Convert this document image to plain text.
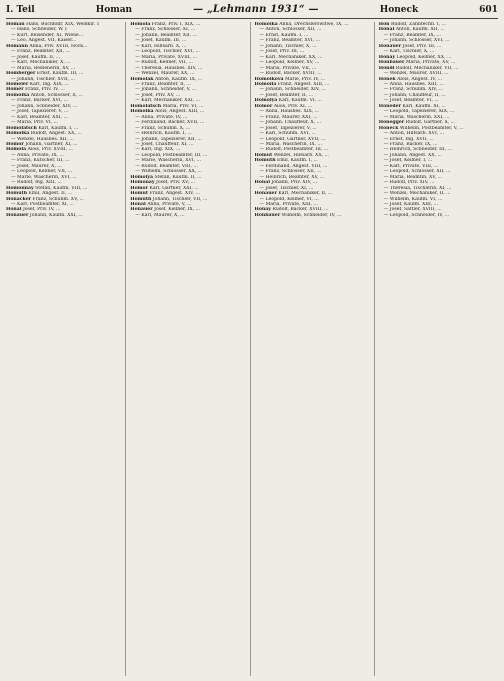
I. Teil	Homan	— „Lehmann 1931“ —	Honeck	601
Homan Hans, Buchhdlr, XIX, Weißkir. 1
— Hans, Schneider, W. I
— Kurt, Reisender, XI, Wiene...
— Leo, Angest. VII, Kaiser...
Homann Anna, Priv. XVIII, Hock...
— Franz, Beamter, XII, ...
— Josef, Kaufm. II, ...
— Karl, Mechaniker, X, ...
— Maria, Bedienerin, XV, ...
Homberger Ernst, Kaufm. III, ...
— Johann, Tischler, XVII, ...
Homeier Karl, Ing. XIX, ...
Homer Franz, Priv. IV, ...
Homolka Anton, Schlosser, X, ...
— Franz, Bäcker, XVI, ...
— Johann, Schneider, XIV, ...
— Josef, Tapezierer, V, ...
— Karl, Beamter, XXI, ...
— Maria, Priv. VI, ...
Homolatsch Karl, Kaufm. I, ...
Homolka Rudolf, Angest. XX, ...
— Wenzel, Hausbes. XII, ...
Homor Johann, Gärtner, XI, ...
Homola Alois, Priv. XVIII, ...
— Anna, Private, IX, ...
— Franz, Kutscher, III, ...
— Josef, Maurer, X, ...
— Leopold, Kellner, VII, ...
— Marie, Wäscherin, XVI, ...
— Rudolf, Ing. XIII, ...
Homonnay Stefan, Kaufm. VIII, ...
Homuth Emil, Angest. II, ...
Honacker Franz, Schuhm. XV, ...
— Karl, Postbeamter, XI, ...
Honal Josef, Priv. IV, ...
Honauer Johann, Kaufm. XXI, ...
Homola Franz, Priv. I, XIX, ...
— Franz, Schlosser, XI, ...
— Johann, Beamter, XII, ...
— Josef, Kaufm. III, ...
— Karl, Hilfsarb. X, ...
— Leopold, Tischler, XVI, ...
— Maria, Private, XVIII, ...
— Rudolf, Kellner, VII, ...
— Theresia, Hausbes. XIV, ...
— Wenzel, Maurer, XX, ...
Homolak Anton, Kaufm. IX, ...
— Franz, Beamter, II, ...
— Johann, Schneider, V, ...
— Josef, Priv. XV, ...
— Karl, Mechaniker, XXI, ...
Homolatsch Maria, Priv. VI, ...
Homolka Alois, Angest. XIII, ...
— Anna, Private, IV, ...
— Ferdinand, Bäcker, XVII, ...
— Franz, Schuhm. X, ...
— Heinrich, Kaufm. I, ...
— Johann, Tapezierer, XII, ...
— Josef, Chauffeur, XI, ...
— Karl, Ing. XIX, ...
— Leopold, Postbeamter, III, ...
— Marie, Wäscherin, XVI, ...
— Rudolf, Beamter, VIII, ...
— Wilhelm, Schlosser, XX, ...
Homolya Stefan, Kaufm. II, ...
Homonay Josef, Priv. XV, ...
Homor Karl, Gärtner, XXI, ...
Homut Franz, Angest. XIV, ...
Homuth Johann, Tischler, VII, ...
Honal Anna, Private, V, ...
Honauer Josef, Kellner, IX, ...
— Karl, Maurer, X, ...
Homolka Anna, Drechslerswitwe, IX, ...
— Anton, Schlosser, XII, ...
— Ernst, Kaufm. I, ...
— Franz, Beamter, XVI, ...
— Johann, Tischler, X, ...
— Josef, Priv. III, ...
— Karl, Mechaniker, XX, ...
— Leopold, Kellner, XV, ...
— Maria, Private, VII, ...
— Rudolf, Bäcker, XVIII, ...
Homolkova Marie, Priv. IV, ...
Homolla Franz, Angest. XIII, ...
— Johann, Schneider, XIV, ...
— Josef, Beamter, II, ...
Homolya Karl, Kaufm. VI, ...
Homor Alois, Priv. XI, ...
— Anna, Hausbes. XIX, ...
— Franz, Maurer, XXI, ...
— Johann, Chauffeur, X, ...
— Josef, Tapezierer, V, ...
— Karl, Schuhm. XVI, ...
— Leopold, Gärtner, XVII, ...
— Maria, Wäscherin, IX, ...
— Rudolf, Postbeamter, III, ...
Homut Wenzel, Hilfsarb. XX, ...
Homuth Emil, Kaufm. I, ...
— Ferdinand, Angest. VIII, ...
— Franz, Schlosser, XII, ...
— Heinrich, Beamter, XV, ...
Honal Johann, Priv. XIV, ...
— Josef, Tischler, XI, ...
Honauer Karl, Mechaniker, II, ...
— Leopold, Kellner, VI, ...
— Maria, Private, XIII, ...
Honay Rudolf, Bäcker, XVIII, ...
Honbauer Wilhelm, Schneider, IV, ...
Hon Rudolf, Zahntechn. I, ...
Honal Anton, Kaufm. XII, ...
— Franz, Beamter, IX, ...
— Johann, Schlosser, XVI, ...
Honauer Josef, Priv. III, ...
— Karl, Tischler, X, ...
Honay Leopold, Kellner, XX, ...
Honbauer Maria, Private, XV, ...
Hondl Rudolf, Mechaniker, VII, ...
— Wenzel, Maurer, XVIII, ...
Honek Alois, Angest. IV, ...
— Anna, Hausbes. XIII, ...
— Franz, Schuhm. XIV, ...
— Johann, Chauffeur, II, ...
— Josef, Beamter, VI, ...
Honeder Karl, Kaufm. XI, ...
— Leopold, Tapezierer, XIX, ...
— Maria, Wäscherin, XXI, ...
Honegger Rudolf, Gärtner, X, ...
Honeck Wilhelm, Postbeamter, V, ...
— Anton, Hilfsarb. XVI, ...
— Ernst, Ing. XVII, ...
— Franz, Bäcker, IX, ...
— Heinrich, Schneider, III, ...
— Johann, Angest. XX, ...
— Josef, Kellner, I, ...
— Karl, Private, VIII, ...
— Leopold, Schlosser, XII, ...
— Maria, Beamtin, XV, ...
— Rudolf, Priv. XIV, ...
— Theresia, Tischlerin, XI, ...
— Wenzel, Mechaniker, II, ...
— Wilhelm, Kaufm. VI, ...
— Josef, Kaufm. XIII, ...
— Josef, Sattler, XVIII, ...
— Leopold, Schneider, IV, ...
